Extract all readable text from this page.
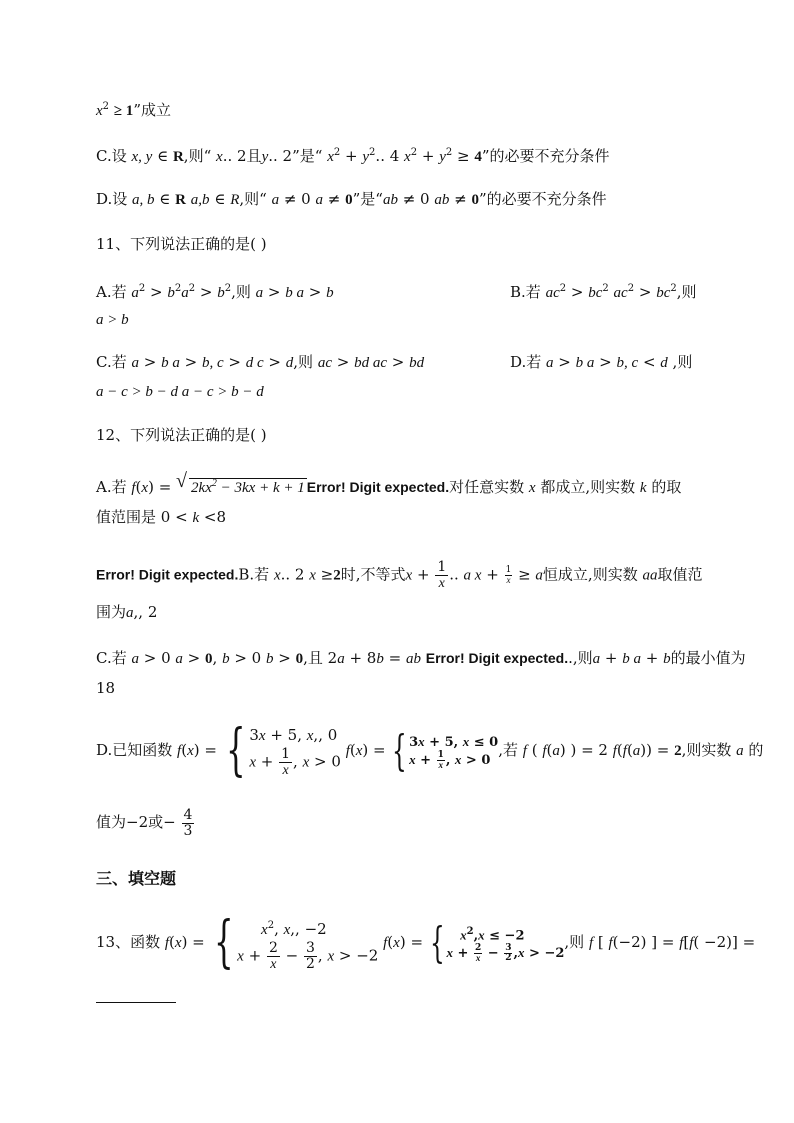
$x^2 \ge 1$”成立
C.设 x, y ∈ R,则“ x.. 2且y.. 2”是“ $x^2 + y^2$.. 4 $x^2 + y^2 \ge 4$”的必要不充分条件
D.设 a, b ∈ R a,b ∈ R,则“ a ≠ 0 a ≠ 0”是“ab ≠ 0 ab ≠ 0”的必要不充分条件
11、下列说法正确的是( )
A.若 $a^2 > b^2a^2 > b^2$,则 a > b a > b	B.若 $ac^2 > bc^2$ $ac^2 > bc^2$,则
a > b
C.若 a > b a > b, c > d c > d,则 ac > bd ac > bd	D.若 a > b a > b, c < d ,则
a − c > b − d a − c > b − d
12、下列说法正确的是( )
A.若 f(x) = √ $2kx^2 - 3kx + k + 1$ Error! Digit expected.对任意实数 x 都成立,则实数 k 的取
值范围是 0 < k <8
Error! Digit expected.B.若 x.. 2 x ≥2时,不等式$x + \frac{1}{x}$ .. a $x + \frac{1}{x} \ge a$恒成立,则实数 aa取值范
围为a,, 2
C.若 a > 0 a > 0, b > 0 b > 0,且 2a + 8b = ab Error! Digit expected..,则a + b a + b的最小值为
18
D.已知函数 f(x) = { 3x + 5, x,, 0
$x + \frac{1}{x}$ , x > 0
f(x) = { 3x + 5, x ≤ 0
$x + \frac{1}{x}$ , x > 0
,若 f ( f(a) ) = 2 f(f(a)) = 2,则实数 a 的
值为−2或− $\frac{4}{3}$
三、填空题
13、函数 f(x) = {	$x^2$, x,, −2
$x + \frac{2}{x} - \frac{3}{2}$ , x > −2
f(x) = {	$x^2,x \le -2$
$x + \frac{2}{x} - \frac{3}{2} ,x > -2$
,则 f [ f(−2) ] = f[f( −2)] =
